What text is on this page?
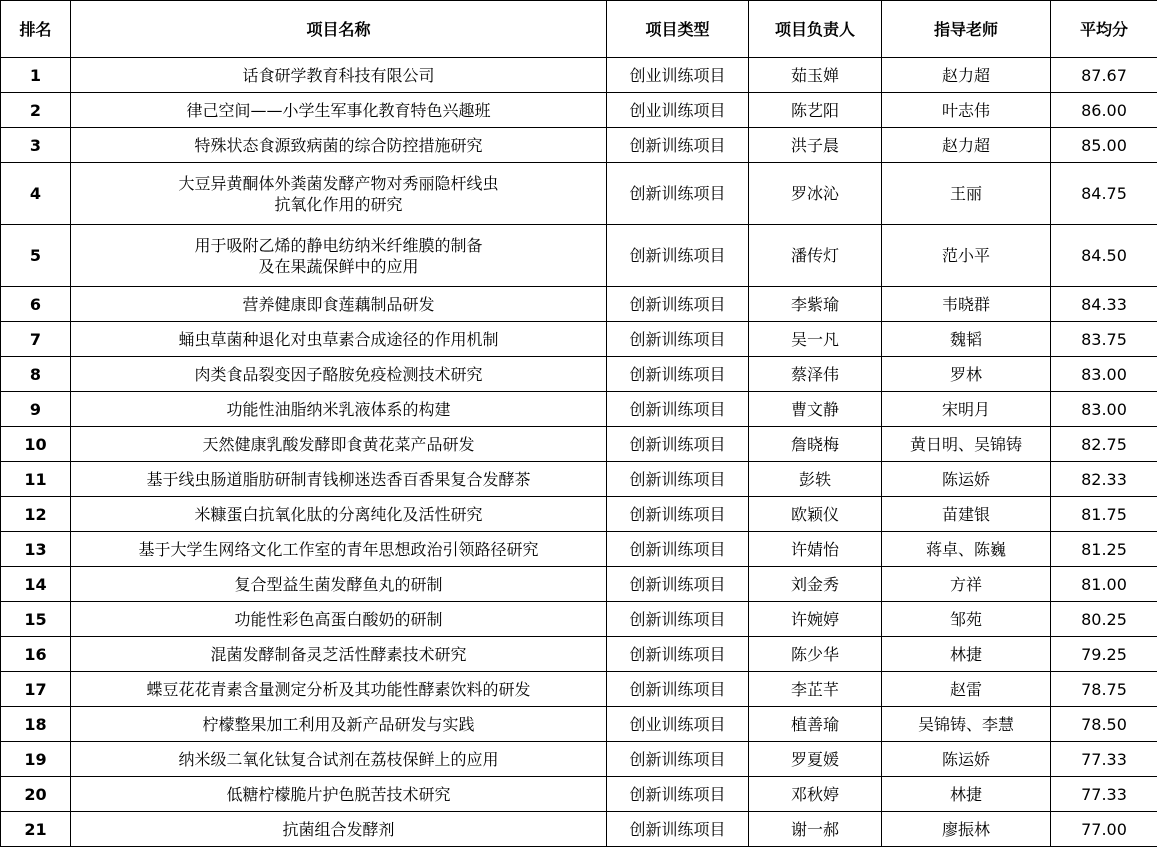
排名	项目名称	项目类型	项目负责人	指导老师	平均分
1	话食研学教育科技有限公司	创业训练项目	茹玉婵	赵力超	87.67
2	律己空间——小学生军事化教育特色兴趣班	创业训练项目	陈艺阳	叶志伟	86.00
3	特殊状态食源致病菌的综合防控措施研究	创新训练项目	洪子晨	赵力超	85.00
4	大豆异黄酮体外粪菌发酵产物对秀丽隐杆线虫
抗氧化作用的研究	创新训练项目	罗冰沁	王丽	84.75
5	用于吸附乙烯的静电纺纳米纤维膜的制备
及在果蔬保鲜中的应用	创新训练项目	潘传灯	范小平	84.50
6	营养健康即食莲藕制品研发	创新训练项目	李紫瑜	韦晓群	84.33
7	蛹虫草菌种退化对虫草素合成途径的作用机制	创新训练项目	吴一凡	魏韬	83.75
8	肉类食品裂变因子酪胺免疫检测技术研究	创新训练项目	蔡泽伟	罗林	83.00
9	功能性油脂纳米乳液体系的构建	创新训练项目	曹文静	宋明月	83.00
10	天然健康乳酸发酵即食黄花菜产品研发	创新训练项目	詹晓梅	黄日明、吴锦铸	82.75
11	基于线虫肠道脂肪研制青钱柳迷迭香百香果复合发酵茶	创新训练项目	彭轶	陈运娇	82.33
12	米糠蛋白抗氧化肽的分离纯化及活性研究	创新训练项目	欧颖仪	苗建银	81.75
13	基于大学生网络文化工作室的青年思想政治引领路径研究	创新训练项目	许婧怡	蒋卓、陈巍	81.25
14	复合型益生菌发酵鱼丸的研制	创新训练项目	刘金秀	方祥	81.00
15	功能性彩色高蛋白酸奶的研制	创新训练项目	许婉婷	邹苑	80.25
16	混菌发酵制备灵芝活性酵素技术研究	创新训练项目	陈少华	林捷	79.25
17	蝶豆花花青素含量测定分析及其功能性酵素饮料的研发	创新训练项目	李芷芊	赵雷	78.75
18	柠檬整果加工利用及新产品研发与实践	创业训练项目	植善瑜	吴锦铸、李慧	78.50
19	纳米级二氧化钛复合试剂在荔枝保鲜上的应用	创新训练项目	罗夏媛	陈运娇	77.33
20	低糖柠檬脆片护色脱苦技术研究	创新训练项目	邓秋婷	林捷	77.33
21	抗菌组合发酵剂	创新训练项目	谢一郝	廖振林	77.00
